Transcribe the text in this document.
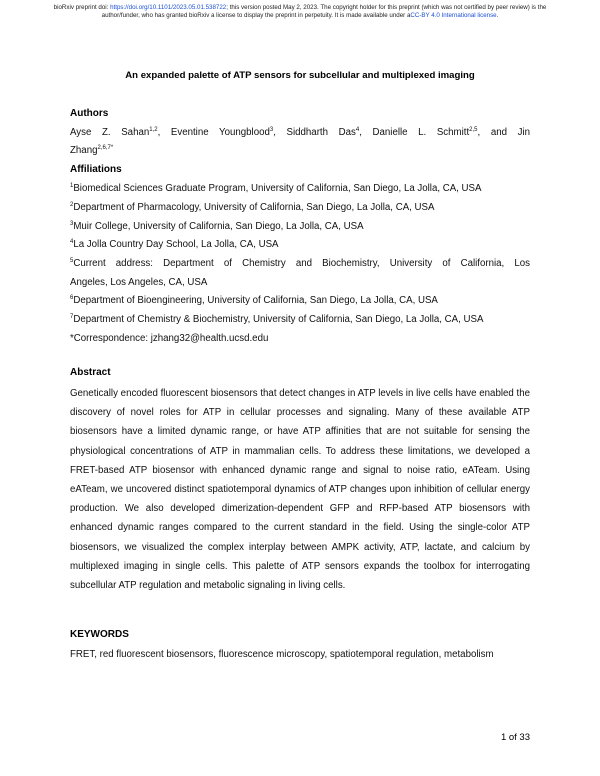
bioRxiv preprint doi: https://doi.org/10.1101/2023.05.01.538722; this version posted May 2, 2023. The copyright holder for this preprint (which was not certified by peer review) is the author/funder, who has granted bioRxiv a license to display the preprint in perpetuity. It is made available under aCC-BY 4.0 International license.
An expanded palette of ATP sensors for subcellular and multiplexed imaging
Authors
Ayse Z. Sahan$^{1,2}$, Eventine Youngblood$^3$, Siddharth Das$^4$, Danielle L. Schmitt$^{2,5}$, and Jin
Zhang$^{2,6,7*}$
Affiliations
$^1$Biomedical Sciences Graduate Program, University of California, San Diego, La Jolla, CA, USA
$^2$Department of Pharmacology, University of California, San Diego, La Jolla, CA, USA
$^3$Muir College, University of California, San Diego, La Jolla, CA, USA
$^4$La Jolla Country Day School, La Jolla, CA, USA
$^5$Current address: Department of Chemistry and Biochemistry, University of California, Los
Angeles, Los Angeles, CA, USA
$^6$Department of Bioengineering, University of California, San Diego, La Jolla, CA, USA
$^7$Department of Chemistry & Biochemistry, University of California, San Diego, La Jolla, CA, USA
*Correspondence: jzhang32@health.ucsd.edu
Abstract
Genetically encoded fluorescent biosensors that detect changes in ATP levels in live cells have enabled the discovery of novel roles for ATP in cellular processes and signaling. Many of these available ATP biosensors have a limited dynamic range, or have ATP affinities that are not suitable for sensing the physiological concentrations of ATP in mammalian cells. To address these limitations, we developed a FRET-based ATP biosensor with enhanced dynamic range and signal to noise ratio, eATeam. Using eATeam, we uncovered distinct spatiotemporal dynamics of ATP changes upon inhibition of cellular energy production. We also developed dimerization-dependent GFP and RFP-based ATP biosensors with enhanced dynamic ranges compared to the current standard in the field. Using the single-color ATP biosensors, we visualized the complex interplay between AMPK activity, ATP, lactate, and calcium by multiplexed imaging in single cells. This palette of ATP sensors expands the toolbox for interrogating subcellular ATP regulation and metabolic signaling in living cells.
KEYWORDS
FRET, red fluorescent biosensors, fluorescence microscopy, spatiotemporal regulation, metabolism
1 of 33
